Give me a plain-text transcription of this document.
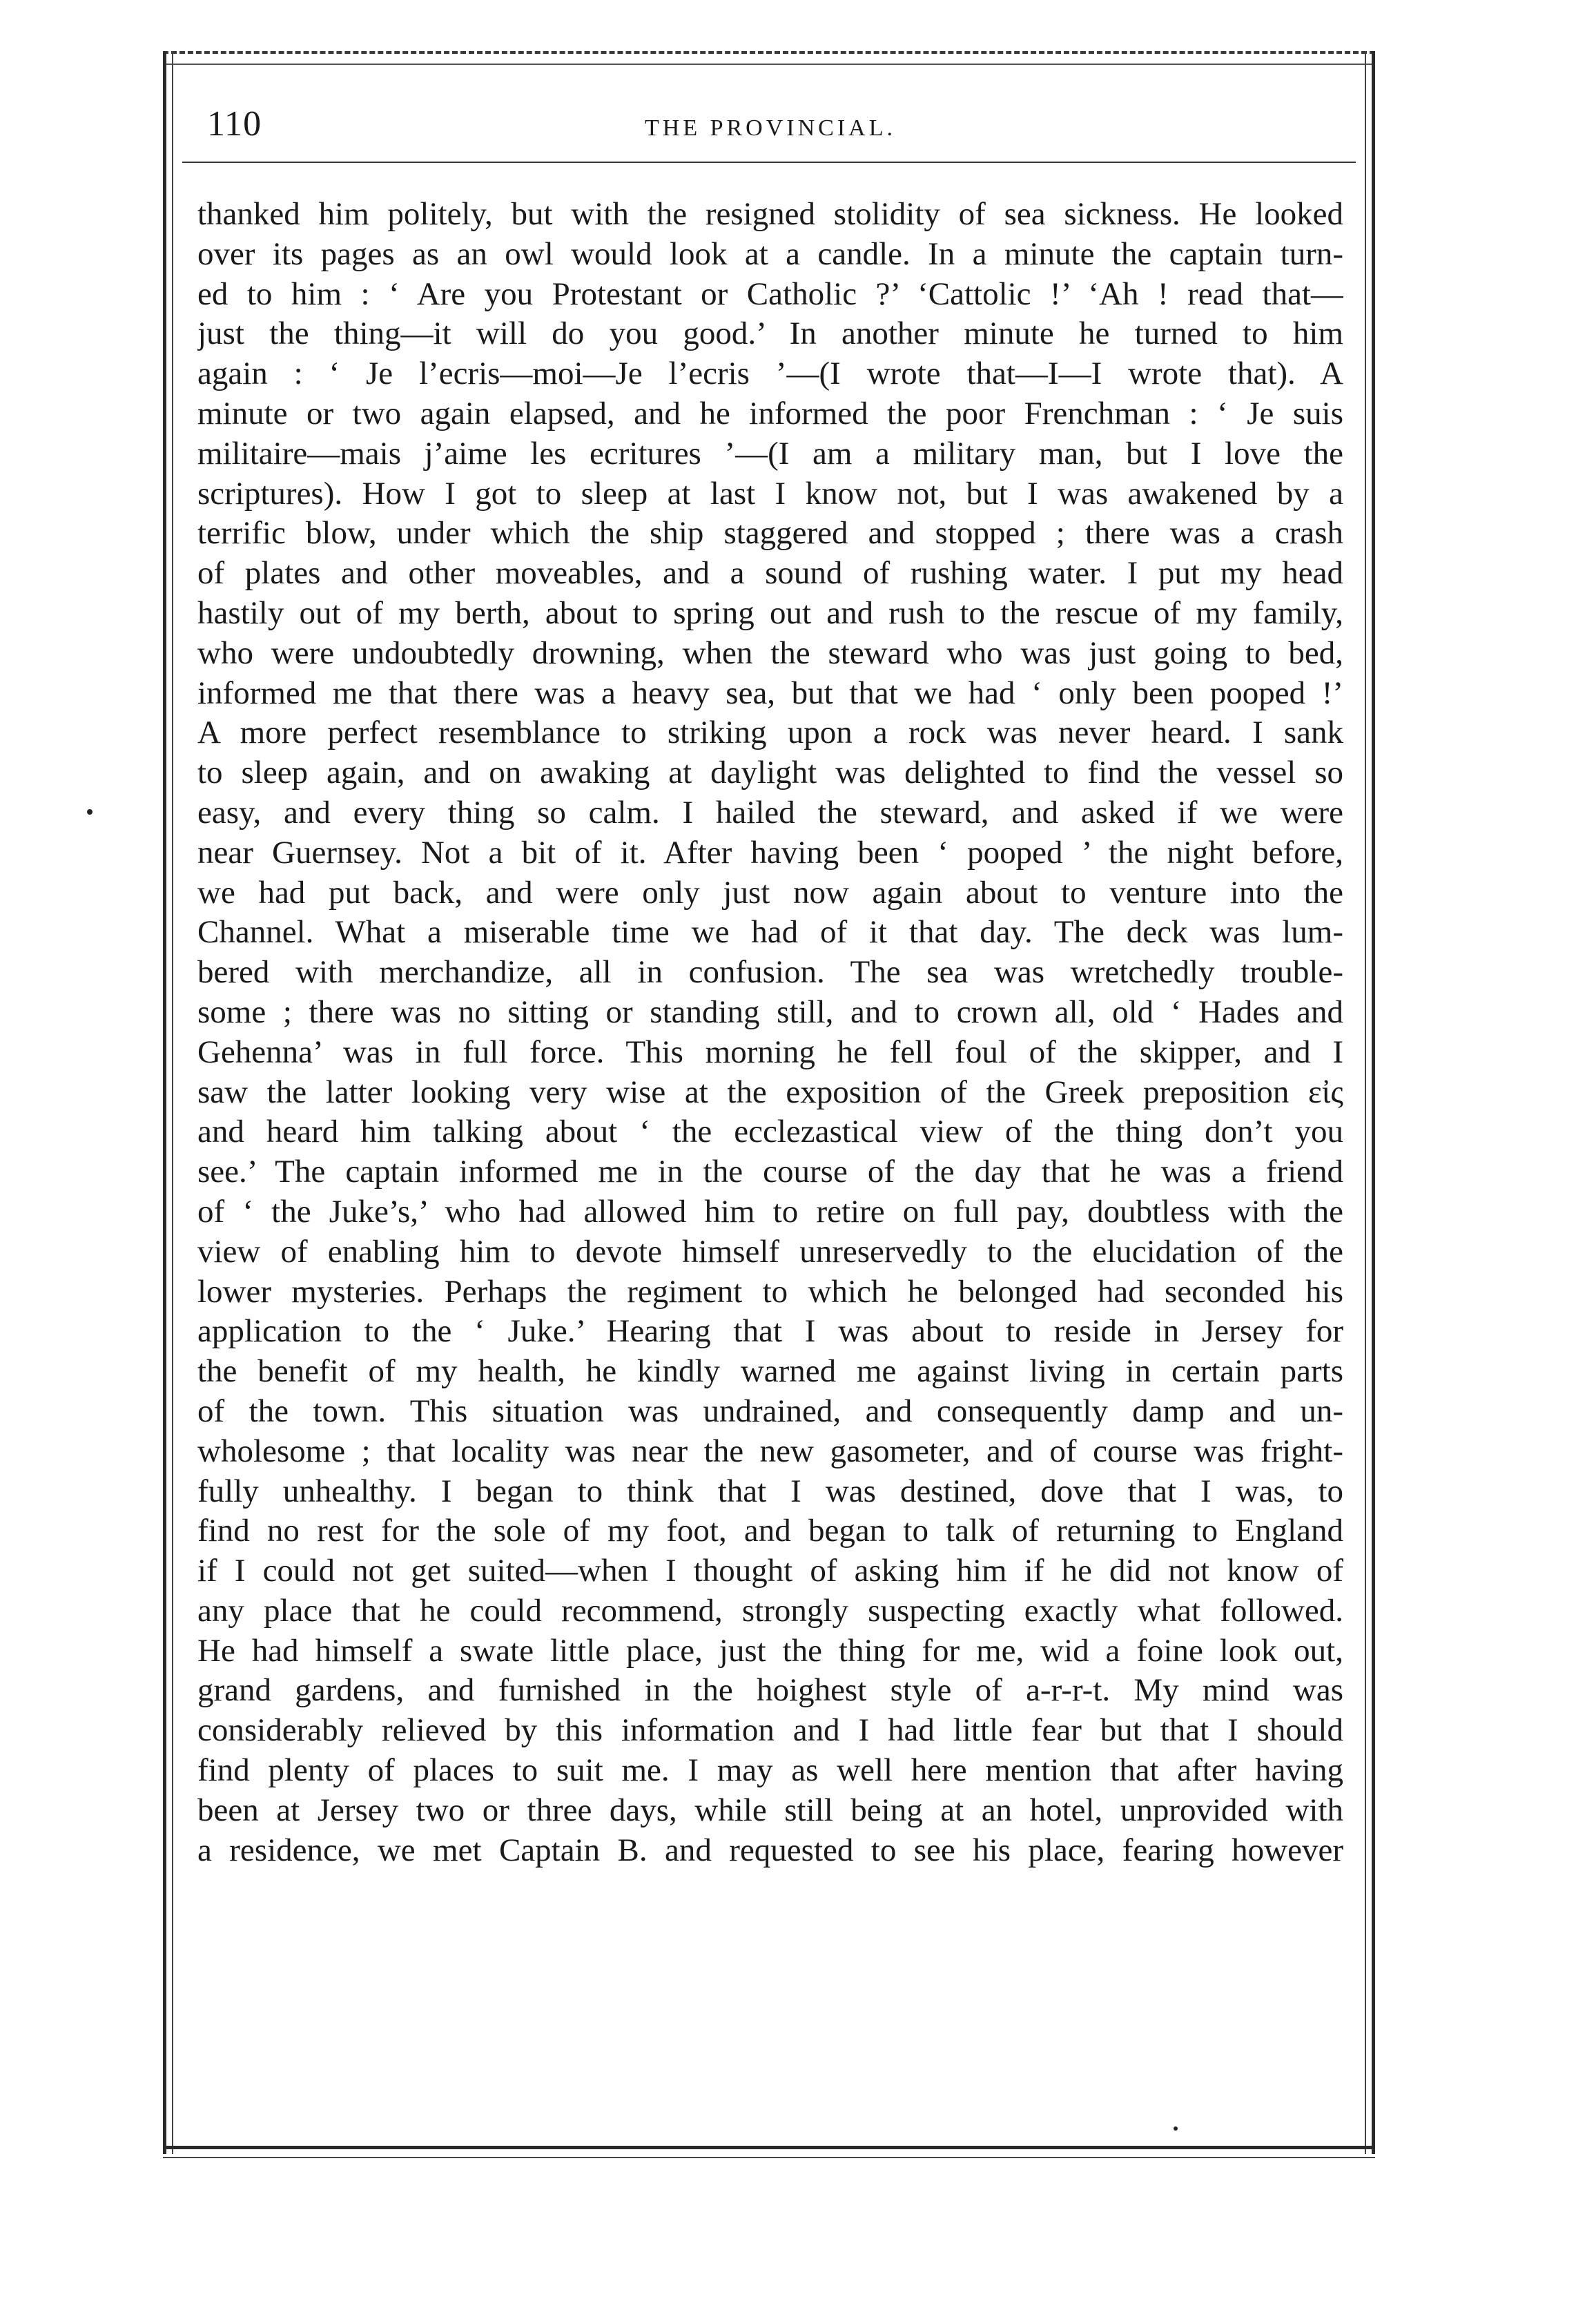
110	THE PROVINCIAL.
thanked him politely, but with the resigned stolidity of sea sickness. He looked
over its pages as an owl would look at a candle. In a minute the captain turn-
ed to him : ‘ Are you Protestant or Catholic ?’ ‘Cattolic !’ ‘Ah ! read that—
just the thing—it will do you good.’ In another minute he turned to him
again : ‘ Je l’ecris—moi—Je l’ecris ’—(I wrote that—I—I wrote that). A
minute or two again elapsed, and he informed the poor Frenchman : ‘ Je suis
militaire—mais j’aime les ecritures ’—(I am a military man, but I love the
scriptures). How I got to sleep at last I know not, but I was awakened by a
terrific blow, under which the ship staggered and stopped ; there was a crash
of plates and other moveables, and a sound of rushing water. I put my head
hastily out of my berth, about to spring out and rush to the rescue of my family,
who were undoubtedly drowning, when the steward who was just going to bed,
informed me that there was a heavy sea, but that we had ‘ only been pooped !’
A more perfect resemblance to striking upon a rock was never heard. I sank
to sleep again, and on awaking at daylight was delighted to find the vessel so
easy, and every thing so calm. I hailed the steward, and asked if we were
near Guernsey. Not a bit of it. After having been ‘ pooped ’ the night before,
we had put back, and were only just now again about to venture into the
Channel. What a miserable time we had of it that day. The deck was lum-
bered with merchandize, all in confusion. The sea was wretchedly trouble-
some ; there was no sitting or standing still, and to crown all, old ‘ Hades and
Gehenna’ was in full force. This morning he fell foul of the skipper, and I
saw the latter looking very wise at the exposition of the Greek preposition εἰς
and heard him talking about ‘ the ecclezastical view of the thing don’t you
see.’ The captain informed me in the course of the day that he was a friend
of ‘ the Juke’s,’ who had allowed him to retire on full pay, doubtless with the
view of enabling him to devote himself unreservedly to the elucidation of the
lower mysteries. Perhaps the regiment to which he belonged had seconded his
application to the ‘ Juke.’ Hearing that I was about to reside in Jersey for
the benefit of my health, he kindly warned me against living in certain parts
of the town. This situation was undrained, and consequently damp and un-
wholesome ; that locality was near the new gasometer, and of course was fright-
fully unhealthy. I began to think that I was destined, dove that I was, to
find no rest for the sole of my foot, and began to talk of returning to England
if I could not get suited—when I thought of asking him if he did not know of
any place that he could recommend, strongly suspecting exactly what followed.
He had himself a swate little place, just the thing for me, wid a foine look out,
grand gardens, and furnished in the hoighest style of a-r-r-t. My mind was
considerably relieved by this information and I had little fear but that I should
find plenty of places to suit me. I may as well here mention that after having
been at Jersey two or three days, while still being at an hotel, unprovided with
a residence, we met Captain B. and requested to see his place, fearing however
